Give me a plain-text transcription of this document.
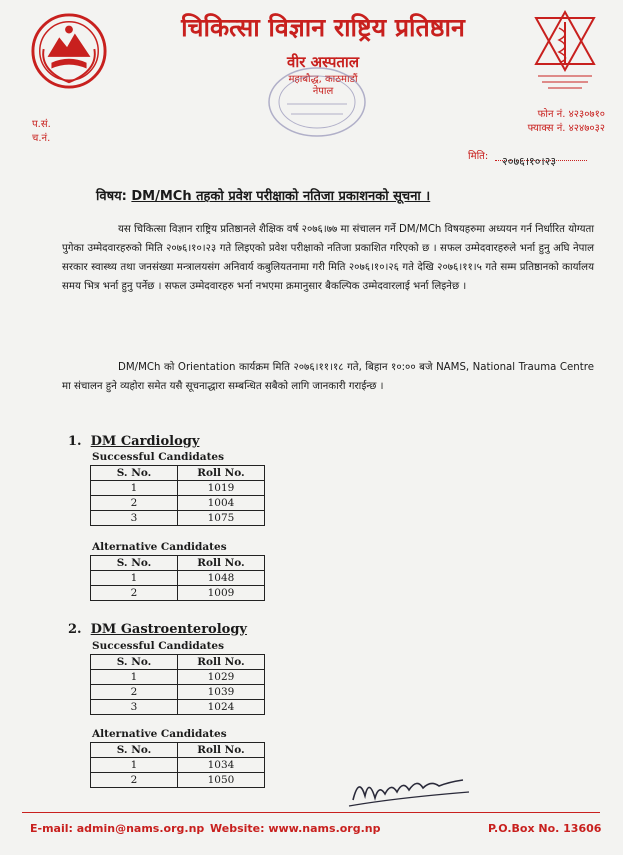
चिकित्सा विज्ञान राष्ट्रिय प्रतिष्ठान
वीर अस्पताल
महाबौद्ध, काठमाडौं
नेपाल
फोन नं. ४२३०७१०
फ्याक्स नं. ४२४७०३२
प.सं.
च.नं.
मिति: २०७६।१०।२३
विषय: DM/MCh तहको प्रवेश परीक्षाको नतिजा प्रकाशनको सूचना ।
यस चिकित्सा विज्ञान राष्ट्रिय प्रतिष्ठानले शैक्षिक वर्ष २०७६।७७ मा संचालन गर्ने DM/MCh विषयहरुमा अध्ययन गर्न निर्धारित योग्यता पुगेका उम्मेदवारहरुको मिति २०७६।१०।२३ गते लिइएको प्रवेश परीक्षाको नतिजा प्रकाशित गरिएको छ । सफल उम्मेदवारहरुले भर्ना हुनु अघि नेपाल सरकार स्वास्थ्य तथा जनसंख्या मन्त्रालयसंग अनिवार्य कबुलियतनामा गरी मिति २०७६।१०।२६ गते देखि २०७६।११।५ गते सम्म प्रतिष्ठानको कार्यालय समय भित्र भर्ना हुनु पर्नेछ । सफल उम्मेदवारहरु भर्ना नभएमा क्रमानुसार बैकल्पिक उम्मेदवारलाई भर्ना लिइनेछ ।
DM/MCh को Orientation कार्यक्रम मिति २०७६।११।१८ गते, बिहान १०:०० बजे NAMS, National Trauma Centre मा संचालन हुने व्यहोरा समेत यसै सूचनाद्धारा सम्बन्धित सबैको लागि जानकारी गराईन्छ ।
1. DM Cardiology
Successful Candidates
S. No.	Roll No.
1	1019
2	1004
3	1075
Alternative Candidates
S. No.	Roll No.
1	1048
2	1009
2. DM Gastroenterology
Successful Candidates
S. No.	Roll No.
1	1029
2	1039
3	1024
Alternative Candidates
S. No.	Roll No.
1	1034
2	1050
E-mail: admin@nams.org.np Website: www.nams.org.np	P.O.Box No. 13606
